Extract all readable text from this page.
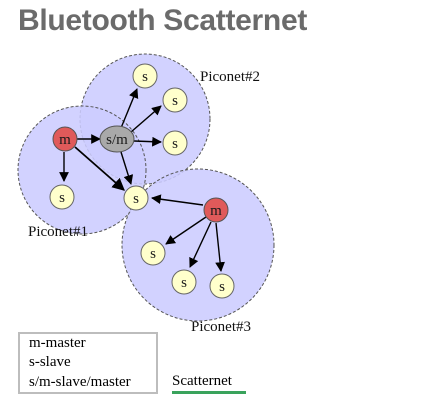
Bluetooth Scatternet
Piconet#2
Piconet#1
Piconet#3
m s/m
s
s
s
s	s
m
s
s s
m-master
s-slave
s/m-slave/master	Scatternet
